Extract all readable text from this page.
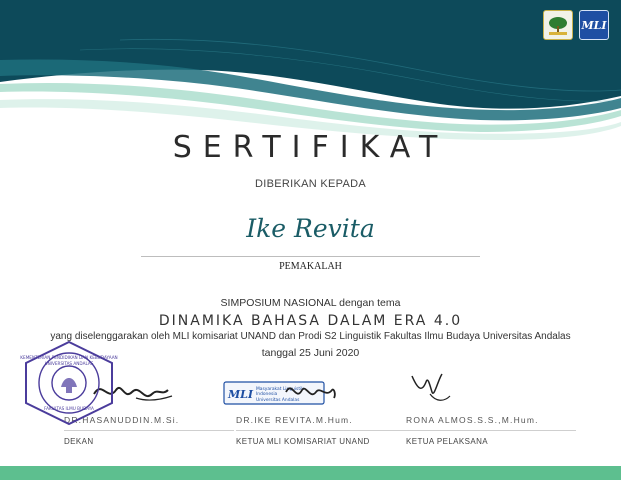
MLI
SERTIFIKAT
DIBERIKAN KEPADA
Ike Revita
PEMAKALAH
SIMPOSIUM NASIONAL dengan tema
DINAMIKA BAHASA DALAM ERA 4.0
yang diselenggarakan oleh MLI komisariat UNAND dan Prodi S2 Linguistik Fakultas Ilmu Budaya Universitas Andalas
tanggal 25 Juni 2020
DR.HASANUDDIN.M.Si.
DEKAN
KEMENTERIAN PENDIDIKAN DAN KEBUDAYAAN
UNIVERSITAS ANDALAS
FAKULTAS ILMU BUDAYA
MLI Masyarakat Linguistik
Indonesia
Universitas Andalas
DR.IKE REVITA.M.Hum.
KETUA MLI KOMISARIAT UNAND
RONA ALMOS.S.S.,M.Hum.
KETUA PELAKSANA
